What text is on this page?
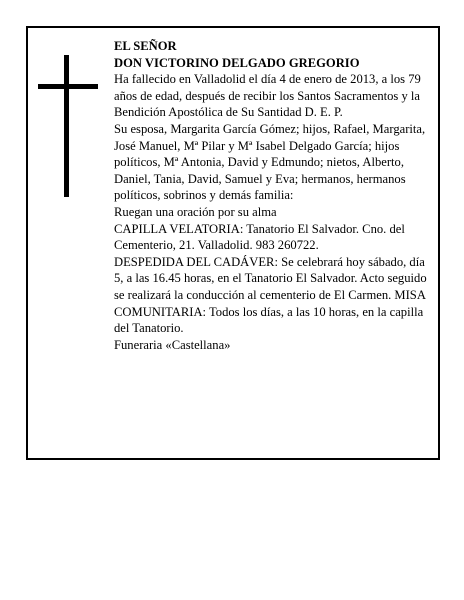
EL SEÑOR

DON VICTORINO DELGADO GREGORIO

Ha fallecido en Valladolid el día 4 de enero de 2013, a los 79 años de edad, después de recibir los Santos Sacramentos y la Bendición Apostólica de Su Santidad D. E. P.

Su esposa, Margarita García Gómez; hijos, Rafael, Margarita, José Manuel, Mª Pilar y Mª Isabel Delgado García; hijos políticos, Mª Antonia, David y Edmundo; nietos, Alberto, Daniel, Tania, David, Samuel y Eva; hermanos, hermanos políticos, sobrinos y demás familia:

Ruegan una oración por su alma

CAPILLA VELATORIA: Tanatorio El Salvador. Cno. del Cementerio, 21. Valladolid. 983 260722.

DESPEDIDA DEL CADÁVER: Se celebrará hoy sábado, día 5, a las 16.45 horas, en el Tanatorio El Salvador. Acto seguido se realizará la conducción al cementerio de El Carmen. MISA COMUNITARIA: Todos los días, a las 10 horas, en la capilla del Tanatorio.

Funeraria «Castellana»
